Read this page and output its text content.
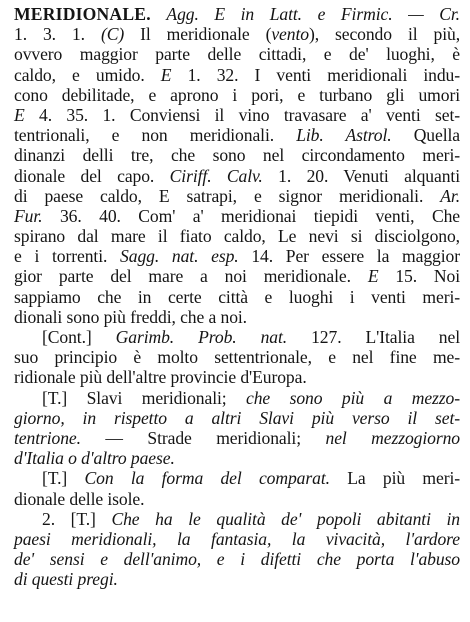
MERIDIONALE. Agg. E in Latt. e Firmic. — Cr.
1. 3. 1. (C) Il meridionale (vento), secondo il più,
ovvero maggior parte delle cittadi, e de' luoghi, è
caldo, e umido. E 1. 32. I venti meridionali indu-
cono debilitade, e aprono i pori, e turbano gli umori
E 4. 35. 1. Conviensi il vino travasare a' venti set-
tentrionali, e non meridionali. Lib. Astrol. Quella
dinanzi delli tre, che sono nel circondamento meri-
dionale del capo. Ciriff. Calv. 1. 20. Venuti alquanti
di paese caldo, E satrapi, e signor meridionali. Ar.
Fur. 36. 40. Com' a' meridionai tiepidi venti, Che
spirano dal mare il fiato caldo, Le nevi si disciolgono,
e i torrenti. Sagg. nat. esp. 14. Per essere la maggior
gior parte del mare a noi meridionale. E 15. Noi
sappiamo che in certe città e luoghi i venti meri-
dionali sono più freddi, che a noi.
[Cont.] Garimb. Prob. nat. 127. L'Italia nel
suo principio è molto settentrionale, e nel fine me-
ridionale più dell'altre provincie d'Europa.
[T.] Slavi meridionali; che sono più a mezzo-
giorno, in rispetto a altri Slavi più verso il set-
tentrione. — Strade meridionali; nel mezzogiorno
d'Italia o d'altro paese.
[T.] Con la forma del comparat. La più meri-
dionale delle isole.
2. [T.] Che ha le qualità de' popoli abitanti in
paesi meridionali, la fantasia, la vivacità, l'ardore
de' sensi e dell'animo, e i difetti che porta l'abuso
di questi pregi.
